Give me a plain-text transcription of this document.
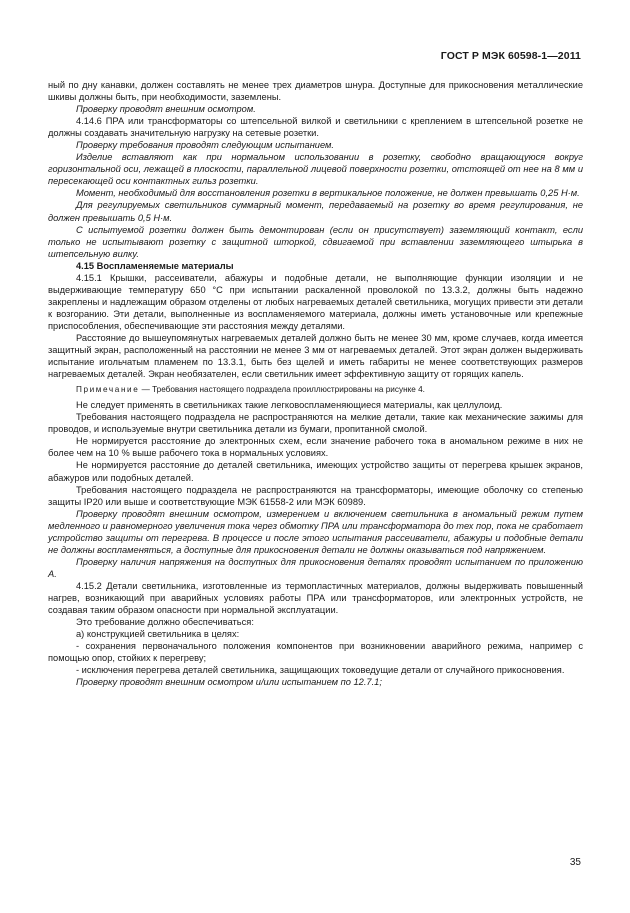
ГОСТ Р МЭК 60598-1—2011

ный по дну канавки, должен составлять не менее трех диаметров шнура. Доступные для прикосновения металлические шкивы должны быть, при необходимости, заземлены.

Проверку проводят внешним осмотром.

4.14.6 ПРА или трансформаторы со штепсельной вилкой и светильники с креплением в штепсельной розетке не должны создавать значительную нагрузку на сетевые розетки.

Проверку требования проводят следующим испытанием.

Изделие вставляют как при нормальном использовании в розетку, свободно вращающуюся вокруг горизонтальной оси, лежащей в плоскости, параллельной лицевой поверхности розетки, отстоящей от нее на 8 мм и пересекающей оси контактных гильз розетки.

Момент, необходимый для восстановления розетки в вертикальное положение, не должен превышать 0,25 Н·м.

Для регулируемых светильников суммарный момент, передаваемый на розетку во время регулирования, не должен превышать 0,5 Н·м.

С испытуемой розетки должен быть демонтирован (если он присутствует) заземляющий контакт, если только не испытывают розетку с защитной шторкой, сдвигаемой при вставлении заземляющего штырька в штепсельную вилку.

4.15 Воспламеняемые материалы

4.15.1 Крышки, рассеиватели, абажуры и подобные детали, не выполняющие функции изоляции и не выдерживающие температуру 650 °С при испытании раскаленной проволокой по 13.3.2, должны быть надежно закреплены и надлежащим образом отделены от любых нагреваемых деталей светильника, могущих привести эти детали к возгоранию. Эти детали, выполненные из воспламеняемого материала, должны иметь установочные или крепежные приспособления, обеспечивающие эти расстояния между деталями.

Расстояние до вышеупомянутых нагреваемых деталей должно быть не менее 30 мм, кроме случаев, когда имеется защитный экран, расположенный на расстоянии не менее 3 мм от нагреваемых деталей. Этот экран должен выдерживать испытание игольчатым пламенем по 13.3.1, быть без щелей и иметь габариты не менее соответствующих размеров нагреваемых деталей. Экран необязателен, если светильник имеет эффективную защиту от горящих капель.

Примечание — Требования настоящего подраздела проиллюстрированы на рисунке 4.

Не следует применять в светильниках такие легковоспламеняющиеся материалы, как целлулоид.

Требования настоящего подраздела не распространяются на мелкие детали, такие как механические зажимы для проводов, и используемые внутри светильника детали из бумаги, пропитанной смолой.

Не нормируется расстояние до электронных схем, если значение рабочего тока в аномальном режиме в них не более чем на 10 % выше рабочего тока в нормальных условиях.

Не нормируется расстояние до деталей светильника, имеющих устройство защиты от перегрева крышек экранов, абажуров или подобных деталей.

Требования настоящего подраздела не распространяются на трансформаторы, имеющие оболочку со степенью защиты IP20 или выше и соответствующие МЭК 61558-2 или МЭК 60989.

Проверку проводят внешним осмотром, измерением и включением светильника в аномальный режим путем медленного и равномерного увеличения тока через обмотку ПРА или трансформатора до тех пор, пока не сработает устройство защиты от перегрева. В процессе и после этого испытания рассеиватели, абажуры и подобные детали не должны воспламеняться, а доступные для прикосновения детали не должны оказываться под напряжением.

Проверку наличия напряжения на доступных для прикосновения деталях проводят испытанием по приложению А.

4.15.2 Детали светильника, изготовленные из термопластичных материалов, должны выдерживать повышенный нагрев, возникающий при аварийных условиях работы ПРА или трансформаторов, или электронных устройств, не создавая таким образом опасности при нормальной эксплуатации.

Это требование должно обеспечиваться:

а) конструкцией светильника в целях:

- сохранения первоначального положения компонентов при возникновении аварийного режима, например с помощью опор, стойких к перегреву;

- исключения перегрева деталей светильника, защищающих токоведущие детали от случайного прикосновения.

Проверку проводят внешним осмотром и/или испытанием по 12.7.1;

35
